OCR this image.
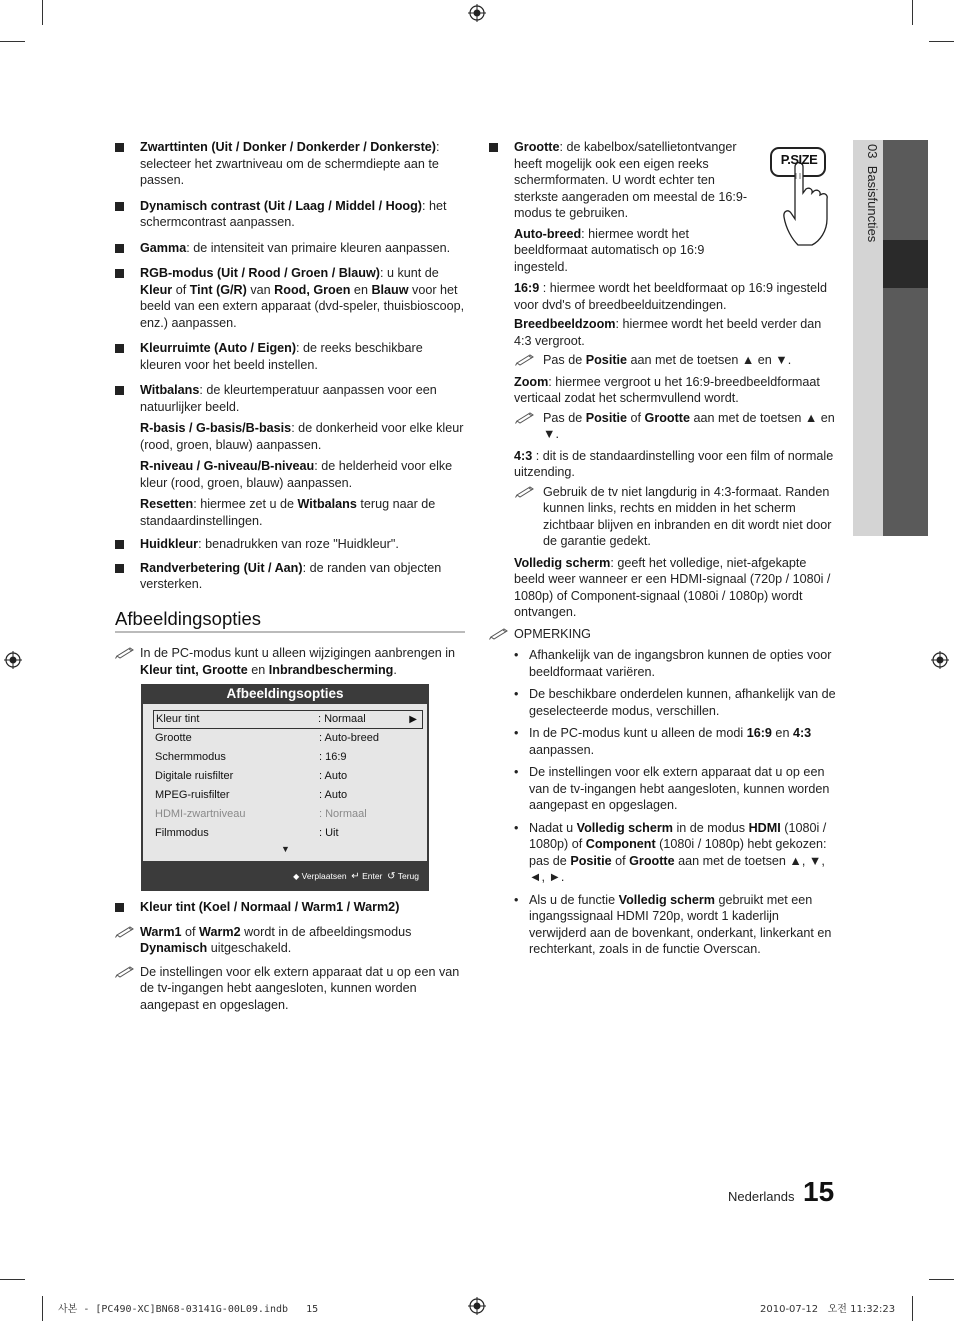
03  Basisfuncties
Zwarttinten (Uit / Donker / Donkerder / Donkerste): selecteer het zwartniveau om de schermdiepte aan te passen.
Dynamisch contrast (Uit / Laag / Middel / Hoog): het schermcontrast aanpassen.
Gamma: de intensiteit van primaire kleuren aanpassen.
RGB-modus (Uit / Rood / Groen / Blauw): u kunt de Kleur of Tint (G/R) van Rood, Groen en Blauw voor het beeld van een extern apparaat (dvd-speler, thuisbioscoop, enz.) aanpassen.
Kleurruimte (Auto / Eigen): de reeks beschikbare kleuren voor het beeld instellen.
Witbalans: de kleurtemperatuur aanpassen voor een natuurlijker beeld.
R-basis / G-basis/B-basis: de donkerheid voor elke kleur (rood, groen, blauw) aanpassen.
R-niveau / G-niveau/B-niveau: de helderheid voor elke kleur (rood, groen, blauw) aanpassen.
Resetten: hiermee zet u de Witbalans terug naar de standaardinstellingen.
Huidkleur: benadrukken van roze "Huidkleur".
Randverbetering (Uit / Aan): de randen van objecten versterken.
Afbeeldingsopties
In de PC-modus kunt u alleen wijzigingen aanbrengen in Kleur tint, Grootte en Inbrandbescherming.
Afbeeldingsopties
Kleur tint	: Normaal	▶
Grootte	: Auto-breed
Schermmodus	: 16:9
Digitale ruisfilter	: Auto
MPEG-ruisfilter	: Auto
HDMI-zwartniveau	: Normaal
Filmmodus	: Uit
▼
◆ Verplaatsen ↵ Enter ↺ Terug
Kleur tint (Koel / Normaal / Warm1 / Warm2)
Warm1 of Warm2 wordt in de afbeeldingsmodus Dynamisch uitgeschakeld.
De instellingen voor elk extern apparaat dat u op een van de tv-ingangen hebt aangesloten, kunnen worden aangepast en opgeslagen.
Grootte: de kabelbox/satellietontvanger heeft mogelijk ook een eigen reeks schermformaten. U wordt echter ten sterkste aangeraden om meestal de 16:9-modus te gebruiken.
Auto-breed: hiermee wordt het beeldformaat automatisch op 16:9 ingesteld.
P.SIZE
16:9 : hiermee wordt het beeldformaat op 16:9 ingesteld voor dvd's of breedbeelduitzendingen.
Breedbeeldzoom: hiermee wordt het beeld verder dan 4:3 vergroot.
Pas de Positie aan met de toetsen ▲ en ▼.
Zoom: hiermee vergroot u het 16:9-breedbeeldformaat verticaal zodat het schermvullend wordt.
Pas de Positie of Grootte aan met de toetsen ▲ en ▼.
4:3 : dit is de standaardinstelling voor een film of normale uitzending.
Gebruik de tv niet langdurig in 4:3-formaat. Randen kunnen links, rechts en midden in het scherm zichtbaar blijven en inbranden en dit wordt niet door de garantie gedekt.
Volledig scherm: geeft het volledige, niet-afgekapte beeld weer wanneer er een HDMI-signaal (720p / 1080i / 1080p) of Component-signaal (1080i / 1080p) wordt ontvangen.
OPMERKING
• Afhankelijk van de ingangsbron kunnen de opties voor beeldformaat variëren.
• De beschikbare onderdelen kunnen, afhankelijk van de geselecteerde modus, verschillen.
• In de PC-modus kunt u alleen de modi 16:9 en 4:3 aanpassen.
• De instellingen voor elk extern apparaat dat u op een van de tv-ingangen hebt aangesloten, kunnen worden aangepast en opgeslagen.
• Nadat u Volledig scherm in de modus HDMI (1080i / 1080p) of Component (1080i / 1080p) hebt gekozen: pas de Positie of Grootte aan met de toetsen ▲, ▼, ◄, ►.
• Als u de functie Volledig scherm gebruikt met een ingangssignaal HDMI 720p, wordt 1 kaderlijn verwijderd aan de bovenkant, onderkant, linkerkant en rechterkant, zoals in de functie Overscan.
Nederlands 15
사본 - [PC490-XC]BN68-03141G-00L09.indb   15	2010-07-12   오전 11:32:23
